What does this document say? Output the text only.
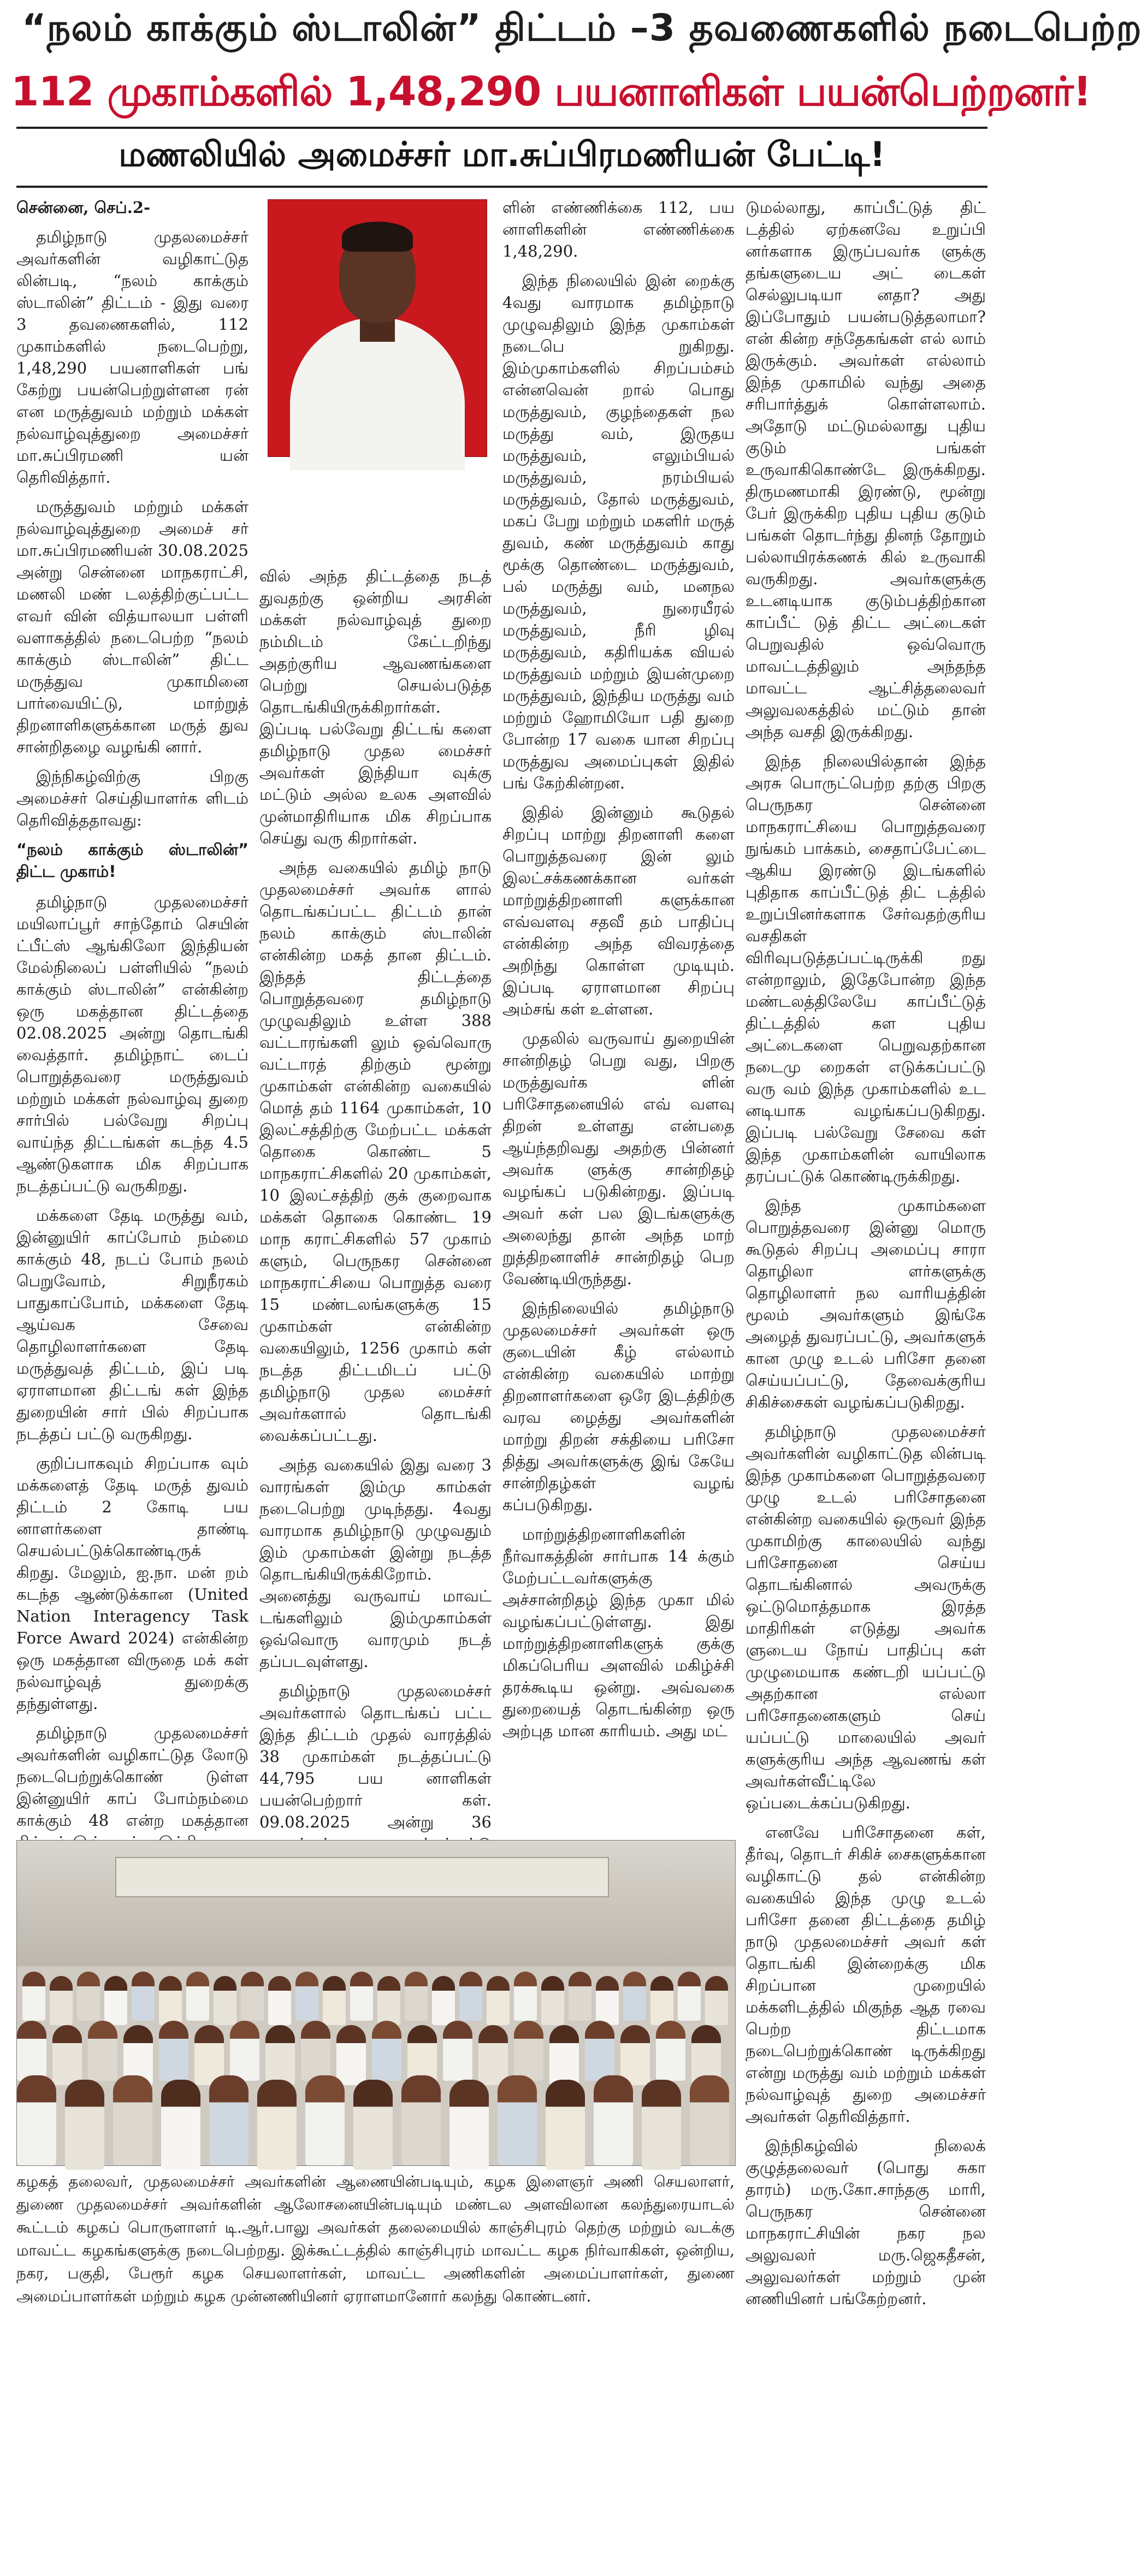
“நலம் காக்கும் ஸ்டாலின்” திட்டம் –3 தவணைகளில் நடைபெற்ற
112 முகாம்களில் 1,48,290 பயனாளிகள் பயன்பெற்றனர்!
மணலியில் அமைச்சர் மா.சுப்பிரமணியன் பேட்டி!

சென்னை, செப்.2-

தமிழ்நாடு முதலமைச்சர் அவர்களின் வழிகாட்டுத லின்படி, “நலம் காக்கும் ஸ்டாலின்” திட்டம் - இது வரை 3 தவணைகளில், 112 முகாம்களில் நடைபெற்று, 1,48,290 பயனாளிகள் பங் கேற்று பயன்பெற்றுள்ளன ரன் என மருத்துவம் மற்றும் மக்கள் நல்வாழ்வுத்துறை அமைச்சர் மா.சுப்பிரமணி யன் தெரிவித்தார்.

மருத்துவம் மற்றும் மக்கள் நல்வாழ்வுத்துறை அமைச் சர் மா.சுப்பிரமணியன் 30.08.2025 அன்று சென்னை மாநகராட்சி, மணலி மண் டலத்திற்குட்பட்ட எவர் வின் வித்யாலயா பள்ளி வளாகத்தில் நடைபெற்ற “நலம் காக்கும் ஸ்டாலின்” திட்ட மருத்துவ முகாமினை பார்வையிட்டு, மாற்றுத் திறனாளிகளுக்கான மருத் துவ சான்றிதழை வழங்கி னார்.

இந்நிகழ்விற்கு பிறகு அமைச்சர் செய்தியாளர்க ளிடம் தெரிவித்ததாவது:

“நலம் காக்கும் ஸ்டாலின்” திட்ட முகாம்!

தமிழ்நாடு முதலமைச்சர் மயிலாப்பூர் சாந்தோம் செயின் ட்பீட்ஸ் ஆங்கிலோ இந்தியன் மேல்நிலைப் பள்ளியில் “நலம் காக்கும் ஸ்டாலின்” என்கின்ற ஒரு மகத்தான திட்டத்தை 02.08.2025 அன்று தொடங்கி வைத்தார். தமிழ்நாட் டைப் பொறுத்தவரை மருத்துவம் மற்றும் மக்கள் நல்வாழ்வு துறை சார்பில் பல்வேறு சிறப்பு வாய்ந்த திட்டங்கள் கடந்த 4.5 ஆண்டுகளாக மிக சிறப்பாக நடத்தப்பட்டு வருகிறது.

மக்களை தேடி மருத்து வம், இன்னுயிர் காப்போம் நம்மை காக்கும் 48, நடப் போம் நலம் பெறுவோம், சிறுநீரகம் பாதுகாப்போம், மக்களை தேடி ஆய்வக சேவை தொழிலாளர்களை தேடி மருத்துவத் திட்டம், இப் படி ஏராளமான திட்டங் கள் இந்த துறையின் சார் பில் சிறப்பாக நடத்தப் பட்டு வருகிறது.

குறிப்பாகவும் சிறப்பாக வும் மக்களைத் தேடி மருத் துவம் திட்டம் 2 கோடி பய னாளர்களை தாண்டி செயல்பட்டுக்கொண்டிருக் கிறது. மேலும், ஐ.நா. மன் றம் கடந்த ஆண்டுக்கான (United Nation Interagency Task Force Award 2024) என்கின்ற ஒரு மகத்தான விருதை மக் கள் நல்வாழ்வுத் துறைக்கு தந்துள்ளது.

தமிழ்நாடு முதலமைச்சர் அவர்களின் வழிகாட்டுத லோடு நடைபெற்றுக்கொண் டுள்ள இன்னுயிர் காப் போம்நம்மை காக்கும் 48 என்ற மகத்தான

வில் அந்த திட்டத்தை நடத் துவதற்கு ஒன்றிய அரசின் மக்கள் நல்வாழ்வுத் துறை நம்மிடம் கேட்டறிந்து அதற்குரிய ஆவணங்களை பெற்று செயல்படுத்த தொடங்கியிருக்கிறார்கள். இப்படி பல்வேறு திட்டங் களை தமிழ்நாடு முதல மைச்சர் அவர்கள் இந்தியா வுக்கு மட்டும் அல்ல உலக அளவில் முன்மாதிரியாக மிக சிறப்பாக செய்து வரு கிறார்கள்.

அந்த வகையில் தமிழ் நாடு முதலமைச்சர் அவர்க ளால் தொடங்கப்பட்ட திட்டம் தான் நலம் காக்கும் ஸ்டாலின் என்கின்ற மகத் தான திட்டம். இந்தத் திட்டத்தை பொறுத்தவரை தமிழ்நாடு முழுவதிலும் உள்ள 388 வட்டாரங்களி லும் ஒவ்வொரு வட்டாரத் திற்கும் மூன்று முகாம்கள் என்கின்ற வகையில் மொத் தம் 1164 முகாம்கள், 10 இலட்சத்திற்கு மேற்பட்ட மக்கள் தொகை கொண்ட 5 மாநகராட்சிகளில் 20 முகாம்கள், 10 இலட்சத்திற் குக் குறைவாக மக்கள் தொகை கொண்ட 19 மாந கராட்சிகளில் 57 முகாம் களும், பெருநகர சென்னை மாநகராட்சியை பொறுத்த வரை 15 மண்டலங்களுக்கு 15 முகாம்கள் என்கின்ற வகையிலும், 1256 முகாம் கள் நடத்த திட்டமிடப் பட்டு தமிழ்நாடு முதல மைச்சர் அவர்களால் தொடங்கி வைக்கப்பட்டது.

அந்த வகையில் இது வரை 3 வாரங்கள் இம்மு காம்கள் நடைபெற்று முடிந்தது. 4வது வாரமாக தமிழ்நாடு முழுவதும் இம் முகாம்கள் இன்று நடத்த தொடங்கியிருக்கிறோம். அனைத்து வருவாய் மாவட் டங்களிலும் இம்முகாம்கள் ஒவ்வொரு வாரமும் நடத் தப்படவுள்ளது.

தமிழ்நாடு முதலமைச்சர் அவர்களால் தொடங்கப் பட்ட இந்த திட்டம் முதல் வாரத்தில் 38 முகாம்கள் நடத்தப்பட்டு 44,795 பய னாளிகள் பயன்பெற்றார் கள். 09.08.2025 அன்று 36

ளின் எண்ணிக்கை 112, பய னாளிகளின் எண்ணிக்கை 1,48,290.

இந்த நிலையில் இன் றைக்கு 4வது வாரமாக தமிழ்நாடு முழுவதிலும் இந்த முகாம்கள் நடைபெ றுகிறது. இம்முகாம்களில் சிறப்பம்சம் என்னவென் றால் பொது மருத்துவம், குழந்தைகள் நல மருத்து வம், இருதய மருத்துவம், எலும்பியல் மருத்துவம், நரம்பியல் மருத்துவம், தோல் மருத்துவம், மகப் பேறு மற்றும் மகளிர் மருத் துவம், கண் மருத்துவம் காது மூக்கு தொண்டை மருத்துவம், பல் மருத்து வம், மனநல மருத்துவம், நுரையீரல் மருத்துவம், நீரி ழிவு மருத்துவம், கதிரியக்க வியல் மருத்துவம் மற்றும் இயன்முறை மருத்துவம், இந்திய மருத்து வம் மற்றும் ஹோமியோ பதி துறை போன்ற 17 வகை யான சிறப்பு மருத்துவ அமைப்புகள் இதில் பங் கேற்கின்றன.

இதில் இன்னும் கூடுதல் சிறப்பு மாற்று திறனாளி களை பொறுத்தவரை இன் லும் இலட்சக்கணக்கான வர்கள் மாற்றுத்திறனாளி களுக்கான எவ்வளவு சதவீ தம் பாதிப்பு என்கின்ற அந்த விவரத்தை அறிந்து கொள்ள முடியும். இப்படி ஏராளமான சிறப்பு அம்சங் கள் உள்ளன.

முதலில் வருவாய் துறையின் சான்றிதழ் பெறு வது, பிறகு மருத்துவர்க ளின் பரிசோதனையில் எவ் வளவு திறன் உள்ளது என்பதை ஆய்ந்தறிவது அதற்கு பின்னர் அவர்க ளுக்கு சான்றிதழ் வழங்கப் படுகின்றது. இப்படி அவர் கள் பல இடங்களுக்கு அலைந்து தான் அந்த மாற் றுத்திறனாளிச் சான்றிதழ் பெற வேண்டியிருந்தது.

இந்நிலையில் தமிழ்நாடு முதலமைச்சர் அவர்கள் ஒரு குடையின் கீழ் எல்லாம் என்கின்ற வகையில் மாற்று திறனாளர்களை ஒரே இடத்திற்கு வரவ ழைத்து அவர்களின் மாற்று திறன் சக்தியை பரிசோ தித்து அவர்களுக்கு இங் கேயே சான்றிதழ்கள் வழங் கப்படுகிறது.

மாற்றுத்திறனாளிகளின் நீர்வாகத்தின் சார்பாக 14 க்கும் மேற்பட்டவர்களுக்கு அச்சான்றிதழ் இந்த முகா மில் வழங்கப்பட்டுள்ளது. இது மாற்றுத்திறனாளிகளுக் குக்கு மிகப்பெரிய அளவில் மகிழ்ச்சி தரக்கூடிய ஒன்று. அவ்வகை துறையைத் தொடங்கின்ற ஒரு அற்புத மான காரியம். அது மட்

டுமல்லாது, காப்பீட்டுத் திட் டத்தில் ஏற்கனவே உறுப்பி னர்களாக இருப்பவர்க ளுக்கு தங்களுடைய அட் டைகள் செல்லுபடியா னதா? அது இப்போதும் பயன்படுத்தலாமா? என் கின்ற சந்தேகங்கள் எல் லாம் இருக்கும். அவர்கள் எல்லாம் இந்த முகாமில் வந்து அதை சரிபார்த்துக் கொள்ளலாம். அதோடு மட்டுமல்லாது புதிய குடும் பங்கள் உருவாகிகொண்டே இருக்கிறது. திருமணமாகி இரண்டு, மூன்று பேர் இருக்கிற புதிய புதிய குடும் பங்கள் தொடர்ந்து தினந் தோறும் பல்லாயிரக்கணக் கில் உருவாகி வருகிறது. அவர்களுக்கு உடனடியாக குடும்பத்திற்கான காப்பீட் டுத் திட்ட அட்டைகள் பெறுவதில் ஒவ்வொரு மாவட்டத்திலும் அந்தந்த மாவட்ட ஆட்சித்தலைவர் அலுவலகத்தில் மட்டும் தான் அந்த வசதி இருக்கிறது.

இந்த நிலையில்தான் இந்த அரசு பொருட்பெற்ற தற்கு பிறகு பெருநகர சென்னை மாநகராட்சியை பொறுத்தவரை நுங்கம் பாக்கம், சைதாப்பேட்டை ஆகிய இரண்டு இடங்களில் புதிதாக காப்பீட்டுத் திட் டத்தில் உறுப்பினர்களாக சேர்வதற்குரிய வசதிகள் விரிவுபடுத்தப்பட்டிருக்கி றது என்றாலும், இதேபோன்ற இந்த மண்டலத்திலேயே காப்பீட்டுத் திட்டத்தில் கள புதிய அட்டைகளை பெறுவதற்கான நடைமு றைகள் எடுக்கப்பட்டு வரு வம் இந்த முகாம்களில் உட னடியாக வழங்கப்படுகிறது. இப்படி பல்வேறு சேவை கள் இந்த முகாம்களின் வாயிலாக தரப்பட்டுக் கொண்டிருக்கிறது.

இந்த முகாம்களை பொறுத்தவரை இன்னு மொரு கூடுதல் சிறப்பு அமைப்பு சாரா தொழிலா ளர்களுக்கு தொழிலாளர் நல வாரியத்தின் மூலம் அவர்களும் இங்கே அழைத் துவரப்பட்டு, அவர்களுக் கான முழு உடல் பரிசோ தனை செய்யப்பட்டு, தேவைக்குரிய சிகிச்சைகள் வழங்கப்படுகிறது.

தமிழ்நாடு முதலமைச்சர் அவர்களின் வழிகாட்டுத லின்படி இந்த முகாம்களை பொறுத்தவரை முழு உடல் பரிசோதனை என்கின்ற வகையில் ஒருவர் இந்த முகாமிற்கு காலையில் வந்து பரிசோதனை செய்ய தொடங்கினால் அவருக்கு ஒட்டுமொத்தமாக இரத்த மாதிரிகள் எடுத்து அவர்க ளுடைய நோய் பாதிப்பு கள் முழுமையாக கண்டறி யப்பட்டு அதற்கான எல்லா பரிசோதனைகளும் செய் யப்பட்டு மாலையில் அவர் களுக்குரிய அந்த ஆவணங் கள் அவர்கள்வீட்டிலே ஒப்படைக்கப்படுகிறது.

எனவே பரிசோதனை கள், தீர்வு, தொடர் சிகிச் சைகளுக்கான வழிகாட்டு தல் என்கின்ற வகையில் இந்த முழு உடல் பரிசோ தனை திட்டத்தை தமிழ் நாடு முதலமைச்சர் அவர் கள் தொடங்கி இன்றைக்கு மிக சிறப்பான முறையில் மக்களிடத்தில் மிகுந்த ஆத ரவை பெற்ற திட்டமாக நடைபெற்றுக்கொண் டிருக்கிறது என்று மருத்து வம் மற்றும் மக்கள் நல்வாழ்வுத் துறை அமைச்சர் அவர்கள் தெரிவித்தார்.

இந்நிகழ்வில் நிலைக் குழுத்தலைவர் (பொது சுகா தாரம்) மரு.கோ.சாந்தகு மாரி, பெருநகர சென்னை மாநகராட்சியின் நகர நல அலுவலர் மரு.ஜெகதீசன், அலுவலர்கள் மற்றும் முன் னணியினர் பங்கேற்றனர்.

கழகத் தலைவர், முதலமைச்சர் அவர்களின் ஆணையின்படியும், கழக இளைஞர் அணி செயலாளர், துணை முதலமைச்சர் அவர்களின் ஆலோசனையின்படியும் மண்டல அளவிலான கலந்துரையாடல் கூட்டம் கழகப் பொருளாளர் டி.ஆர்.பாலு அவர்கள் தலைமையில் காஞ்சிபுரம் தெற்கு மற்றும் வடக்கு மாவட்ட கழகங்களுக்கு நடைபெற்றது. இக்கூட்டத்தில் காஞ்சிபுரம் மாவட்ட கழக நிர்வாகிகள், ஒன்றிய, நகர, பகுதி, பேரூர் கழக செயலாளர்கள், மாவட்ட அணிகளின் அமைப்பாளர்கள், துணை அமைப்பாளர்கள் மற்றும் கழக முன்னணியினர் ஏராளமானோர் கலந்து கொண்டனர்.
